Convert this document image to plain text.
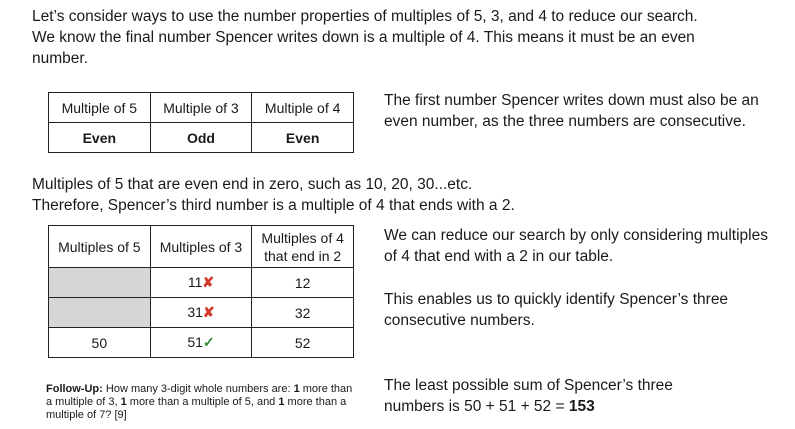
Let’s consider ways to use the number properties of multiples of 5, 3, and 4 to reduce our search.
We know the final number Spencer writes down is a multiple of 4. This means it must be an even
number.
Multiple of 5	Multiple of 3	Multiple of 4
Even	Odd	Even
The first number Spencer writes down must also be an
even number, as the three numbers are consecutive.
Multiples of 5 that are even end in zero, such as 10, 20, 30...etc.
Therefore, Spencer’s third number is a multiple of 4 that ends with a 2.
Multiples of 5	Multiples of 3	Multiples of 4
that end in 2
	11✘	12
	31✘	32
50	51✓	52
We can reduce our search by only considering multiples
of 4 that end with a 2 in our table.
This enables us to quickly identify Spencer’s three
consecutive numbers.
Follow-Up: How many 3-digit whole numbers are: 1 more than a multiple of 3, 1 more than a multiple of 5, and 1 more than a multiple of 7? [9]
The least possible sum of Spencer’s three
numbers is 50 + 51 + 52 = 153
